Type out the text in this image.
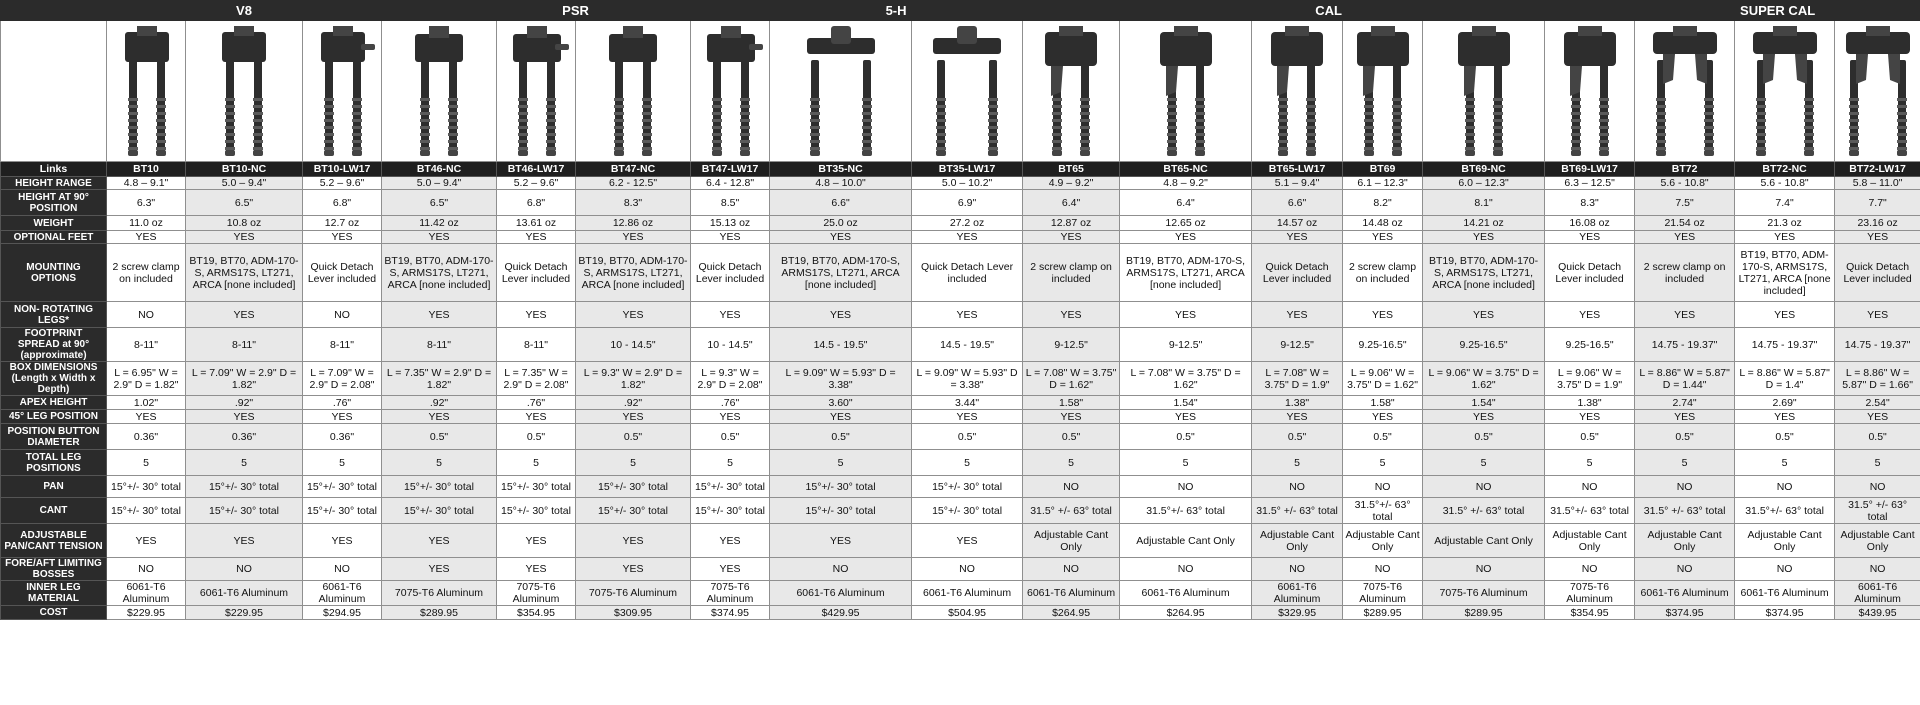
	V8			PSR				5-H		CAL						SUPER CAL		

Links	BT10	BT10-NC	BT10-LW17	BT46-NC	BT46-LW17	BT47-NC	BT47-LW17	BT35-NC	BT35-LW17	BT65	BT65-NC	BT65-LW17	BT69	BT69-NC	BT69-LW17	BT72	BT72-NC	BT72-LW17
HEIGHT RANGE	4.8 – 9.1"	5.0 – 9.4"	5.2 – 9.6"	5.0 – 9.4"	5.2 – 9.6"	6.2 - 12.5"	6.4 - 12.8"	4.8 – 10.0"	5.0 – 10.2"	4.9 – 9.2"	4.8 – 9.2"	5.1 – 9.4"	6.1 – 12.3"	6.0 – 12.3"	6.3 – 12.5"	5.6 - 10.8"	5.6 - 10.8"	5.8 – 11.0"
HEIGHT AT 90° POSITION	6.3"	6.5"	6.8"	6.5"	6.8"	8.3"	8.5"	6.6"	6.9"	6.4"	6.4"	6.6"	8.2"	8.1"	8.3"	7.5"	7.4"	7.7"
WEIGHT	11.0 oz	10.8 oz	12.7 oz	11.42 oz	13.61 oz	12.86 oz	15.13 oz	25.0 oz	27.2 oz	12.87 oz	12.65 oz	14.57 oz	14.48 oz	14.21 oz	16.08 oz	21.54 oz	21.3 oz	23.16 oz
OPTIONAL FEET	YES	YES	YES	YES	YES	YES	YES	YES	YES	YES	YES	YES	YES	YES	YES	YES	YES	YES
MOUNTING OPTIONS	2 screw clamp on included	BT19, BT70, ADM-170-S, ARMS17S, LT271, ARCA [none included]	Quick Detach Lever included	BT19, BT70, ADM-170-S, ARMS17S, LT271, ARCA [none included]	Quick Detach Lever included	BT19, BT70, ADM-170-S, ARMS17S, LT271, ARCA [none included]	Quick Detach Lever included	BT19, BT70, ADM-170-S, ARMS17S, LT271, ARCA [none included]	Quick Detach Lever included	2 screw clamp on included	BT19, BT70, ADM-170-S, ARMS17S, LT271, ARCA [none included]	Quick Detach Lever included	2 screw clamp on included	BT19, BT70, ADM-170-S, ARMS17S, LT271, ARCA [none included]	Quick Detach Lever included	2 screw clamp on included	BT19, BT70, ADM-170-S, ARMS17S, LT271, ARCA [none included]	Quick Detach Lever included
NON- ROTATING LEGS*	NO	YES	NO	YES	YES	YES	YES	YES	YES	YES	YES	YES	YES	YES	YES	YES	YES	YES
FOOTPRINT SPREAD at 90° (approximate)	8-11"	8-11"	8-11"	8-11"	8-11"	10 - 14.5"	10 - 14.5"	14.5 - 19.5"	14.5 - 19.5"	9-12.5"	9-12.5"	9-12.5"	9.25-16.5"	9.25-16.5"	9.25-16.5"	14.75 - 19.37"	14.75 - 19.37"	14.75 - 19.37"
BOX DIMENSIONS (Length x Width x Depth)	L = 6.95" W = 2.9" D = 1.82"	L = 7.09" W = 2.9" D = 1.82"	L = 7.09" W = 2.9" D = 2.08"	L = 7.35" W = 2.9" D = 1.82"	L = 7.35" W = 2.9" D = 2.08"	L = 9.3" W = 2.9" D = 1.82"	L = 9.3" W = 2.9" D = 2.08"	L = 9.09" W = 5.93" D = 3.38"	L = 9.09" W = 5.93" D = 3.38"	L = 7.08" W = 3.75" D = 1.62"	L = 7.08" W = 3.75" D = 1.62"	L = 7.08" W = 3.75" D = 1.9"	L = 9.06" W = 3.75" D = 1.62"	L = 9.06" W = 3.75" D = 1.62"	L = 9.06" W = 3.75" D = 1.9"	L = 8.86" W = 5.87" D = 1.44"	L = 8.86" W = 5.87" D = 1.4"	L = 8.86" W = 5.87" D = 1.66"
APEX HEIGHT	1.02"	.92"	.76"	.92"	.76"	.92"	.76"	3.60"	3.44"	1.58"	1.54"	1.38"	1.58"	1.54"	1.38"	2.74"	2.69"	2.54"
45° LEG POSITION	YES	YES	YES	YES	YES	YES	YES	YES	YES	YES	YES	YES	YES	YES	YES	YES	YES	YES
POSITION BUTTON DIAMETER	0.36"	0.36"	0.36"	0.5"	0.5"	0.5"	0.5"	0.5"	0.5"	0.5"	0.5"	0.5"	0.5"	0.5"	0.5"	0.5"	0.5"	0.5"
TOTAL LEG POSITIONS	5	5	5	5	5	5	5	5	5	5	5	5	5	5	5	5	5	5
PAN	15°+/- 30° total	15°+/- 30° total	15°+/- 30° total	15°+/- 30° total	15°+/- 30° total	15°+/- 30° total	15°+/- 30° total	15°+/- 30° total	15°+/- 30° total	NO	NO	NO	NO	NO	NO	NO	NO	NO
CANT	15°+/- 30° total	15°+/- 30° total	15°+/- 30° total	15°+/- 30° total	15°+/- 30° total	15°+/- 30° total	15°+/- 30° total	15°+/- 30° total	15°+/- 30° total	31.5° +/- 63° total	31.5°+/- 63° total	31.5° +/- 63° total	31.5°+/- 63° total	31.5° +/- 63° total	31.5°+/- 63° total	31.5° +/- 63° total	31.5°+/- 63° total	31.5° +/- 63° total
ADJUSTABLE PAN/CANT TENSION	YES	YES	YES	YES	YES	YES	YES	YES	YES	Adjustable Cant Only	Adjustable Cant Only	Adjustable Cant Only	Adjustable Cant Only	Adjustable Cant Only	Adjustable Cant Only	Adjustable Cant Only	Adjustable Cant Only	Adjustable Cant Only
FORE/AFT LIMITING BOSSES	NO	NO	NO	YES	YES	YES	YES	NO	NO	NO	NO	NO	NO	NO	NO	NO	NO	NO
INNER LEG MATERIAL	6061-T6 Aluminum	6061-T6 Aluminum	6061-T6 Aluminum	7075-T6 Aluminum	7075-T6 Aluminum	7075-T6 Aluminum	7075-T6 Aluminum	6061-T6 Aluminum	6061-T6 Aluminum	6061-T6 Aluminum	6061-T6 Aluminum	6061-T6 Aluminum	7075-T6 Aluminum	7075-T6 Aluminum	7075-T6 Aluminum	6061-T6 Aluminum	6061-T6 Aluminum	6061-T6 Aluminum
COST	$229.95	$229.95	$294.95	$289.95	$354.95	$309.95	$374.95	$429.95	$504.95	$264.95	$264.95	$329.95	$289.95	$289.95	$354.95	$374.95	$374.95	$439.95
